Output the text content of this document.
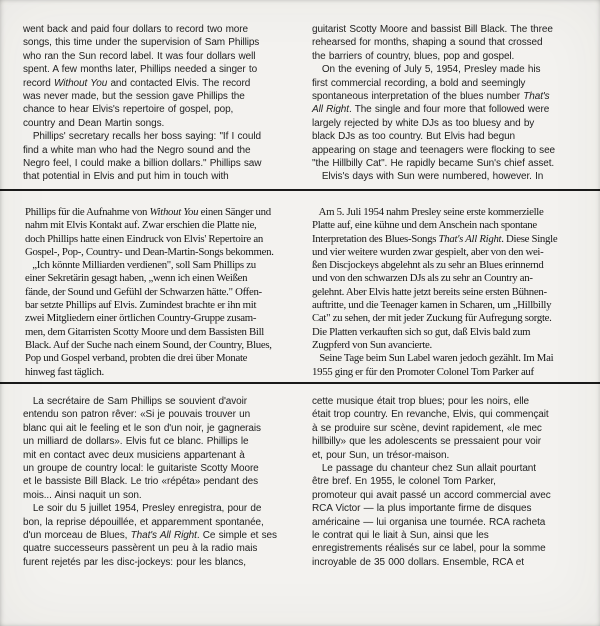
went back and paid four dollars to record two more
songs, this time under the supervision of Sam Phillips
who ran the Sun record label. It was four dollars well
spent. A few months later, Phillips needed a singer to
record Without You and contacted Elvis. The record
was never made, but the session gave Phillips the
chance to hear Elvis's repertoire of gospel, pop,
country and Dean Martin songs.
Phillips' secretary recalls her boss saying: "If I could
find a white man who had the Negro sound and the
Negro feel, I could make a billion dollars." Phillips saw
that potential in Elvis and put him in touch with
guitarist Scotty Moore and bassist Bill Black. The three
rehearsed for months, shaping a sound that crossed
the barriers of country, blues, pop and gospel.
On the evening of July 5, 1954, Presley made his
first commercial recording, a bold and seemingly
spontaneous interpretation of the blues number That's
All Right. The single and four more that followed were
largely rejected by white DJs as too bluesy and by
black DJs as too country. But Elvis had begun
appearing on stage and teenagers were flocking to see
"the Hillbilly Cat". He rapidly became Sun's chief asset.
Elvis's days with Sun were numbered, however. In
Phillips für die Aufnahme von Without You einen Sänger und
nahm mit Elvis Kontakt auf. Zwar erschien die Platte nie,
doch Phillips hatte einen Eindruck von Elvis' Repertoire an
Gospel-, Pop-, Country- und Dean-Martin-Songs bekommen.
„Ich könnte Milliarden verdienen", soll Sam Phillips zu
einer Sekretärin gesagt haben, „wenn ich einen Weißen
fände, der Sound und Gefühl der Schwarzen hätte." Offen-
bar setzte Phillips auf Elvis. Zumindest brachte er ihn mit
zwei Mitgliedern einer örtlichen Country-Gruppe zusam-
men, dem Gitarristen Scotty Moore und dem Bassisten Bill
Black. Auf der Suche nach einem Sound, der Country, Blues,
Pop und Gospel verband, probten die drei über Monate
hinweg fast täglich.
Am 5. Juli 1954 nahm Presley seine erste kommerzielle
Platte auf, eine kühne und dem Anschein nach spontane
Interpretation des Blues-Songs That's All Right. Diese Single
und vier weitere wurden zwar gespielt, aber von den wei-
ßen Discjockeys abgelehnt als zu sehr an Blues erinnernd
und von den schwarzen DJs als zu sehr an Country an-
gelehnt. Aber Elvis hatte jetzt bereits seine ersten Bühnen-
auftritte, und die Teenager kamen in Scharen, um „Hillbilly
Cat" zu sehen, der mit jeder Zuckung für Aufregung sorgte.
Die Platten verkauften sich so gut, daß Elvis bald zum
Zugpferd von Sun avancierte.
Seine Tage beim Sun Label waren jedoch gezählt. Im Mai
1955 ging er für den Promoter Colonel Tom Parker auf
La secrétaire de Sam Phillips se souvient d'avoir
entendu son patron rêver: «Si je pouvais trouver un
blanc qui ait le feeling et le son d'un noir, je gagnerais
un milliard de dollars». Elvis fut ce blanc. Phillips le
mit en contact avec deux musiciens appartenant à
un groupe de country local: le guitariste Scotty Moore
et le bassiste Bill Black. Le trio «répéta» pendant des
mois... Ainsi naquit un son.
Le soir du 5 juillet 1954, Presley enregistra, pour de
bon, la reprise dépouillée, et apparemment spontanée,
d'un morceau de Blues, That's All Right. Ce simple et ses
quatre successeurs passèrent un peu à la radio mais
furent rejetés par les disc-jockeys: pour les blancs,
cette musique était trop blues; pour les noirs, elle
était trop country. En revanche, Elvis, qui commençait
à se produire sur scène, devint rapidement, «le mec
hillbilly» que les adolescents se pressaient pour voir
et, pour Sun, un trésor-maison.
Le passage du chanteur chez Sun allait pourtant
être bref. En 1955, le colonel Tom Parker,
promoteur qui avait passé un accord commercial avec
RCA Victor — la plus importante firme de disques
américaine — lui organisa une tournée. RCA racheta
le contrat qui le liait à Sun, ainsi que les
enregistrements réalisés sur ce label, pour la somme
incroyable de 35 000 dollars. Ensemble, RCA et
